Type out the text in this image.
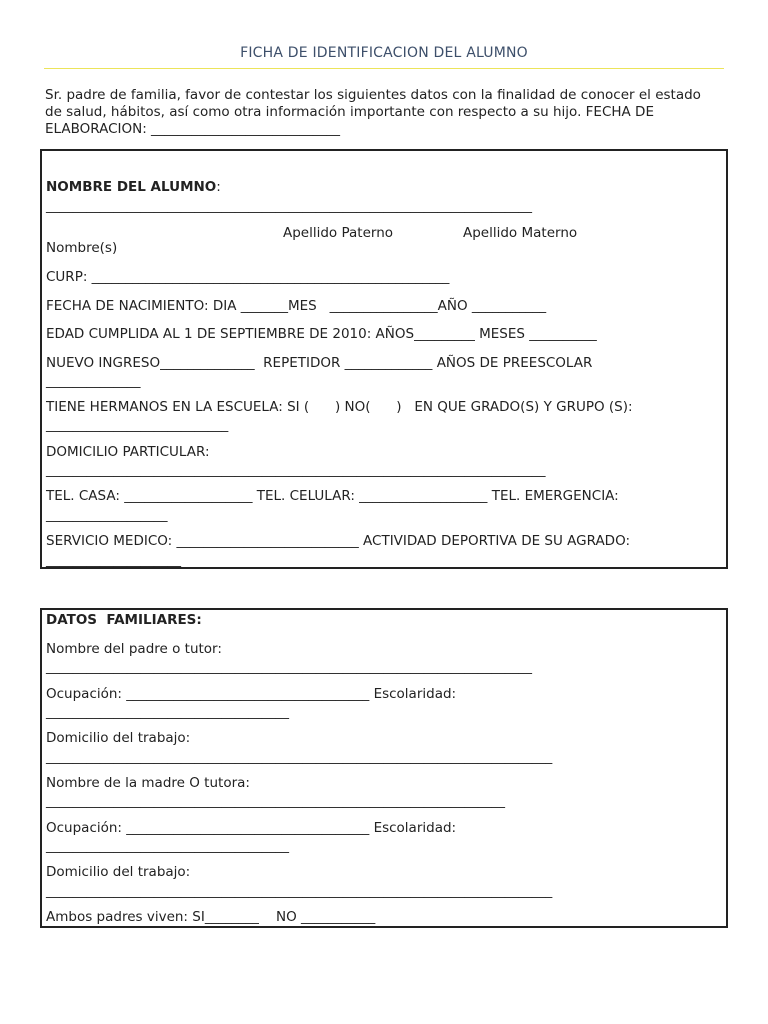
FICHA DE IDENTIFICACION DEL ALUMNO
Sr. padre de familia, favor de contestar los siguientes datos con la finalidad de conocer el estado
de salud, hábitos, así como otra información importante con respecto a su hijo. FECHA DE
ELABORACION: ____________________________
NOMBRE DEL ALUMNO:
________________________________________________________________________
Apellido Paterno	Apellido Materno
Nombre(s)
CURP: _____________________________________________________
FECHA DE NACIMIENTO: DIA _______MES   ________________AÑO ___________
EDAD CUMPLIDA AL 1 DE SEPTIEMBRE DE 2010: AÑOS_________ MESES __________
NUEVO INGRESO______________  REPETIDOR _____________ AÑOS DE PREESCOLAR
______________
TIENE HERMANOS EN LA ESCUELA: SI (      ) NO(      )   EN QUE GRADO(S) Y GRUPO (S):
___________________________
DOMICILIO PARTICULAR:
__________________________________________________________________________
TEL. CASA: ___________________ TEL. CELULAR: ___________________ TEL. EMERGENCIA:
__________________
SERVICIO MEDICO: ___________________________ ACTIVIDAD DEPORTIVA DE SU AGRADO:
____________________
DATOS  FAMILIARES:
Nombre del padre o tutor:
________________________________________________________________________
Ocupación: ____________________________________ Escolaridad:
____________________________________
Domicilio del trabajo:
___________________________________________________________________________
Nombre de la madre O tutora:
____________________________________________________________________
Ocupación: ____________________________________ Escolaridad:
____________________________________
Domicilio del trabajo:
___________________________________________________________________________
Ambos padres viven: SI________    NO ___________
